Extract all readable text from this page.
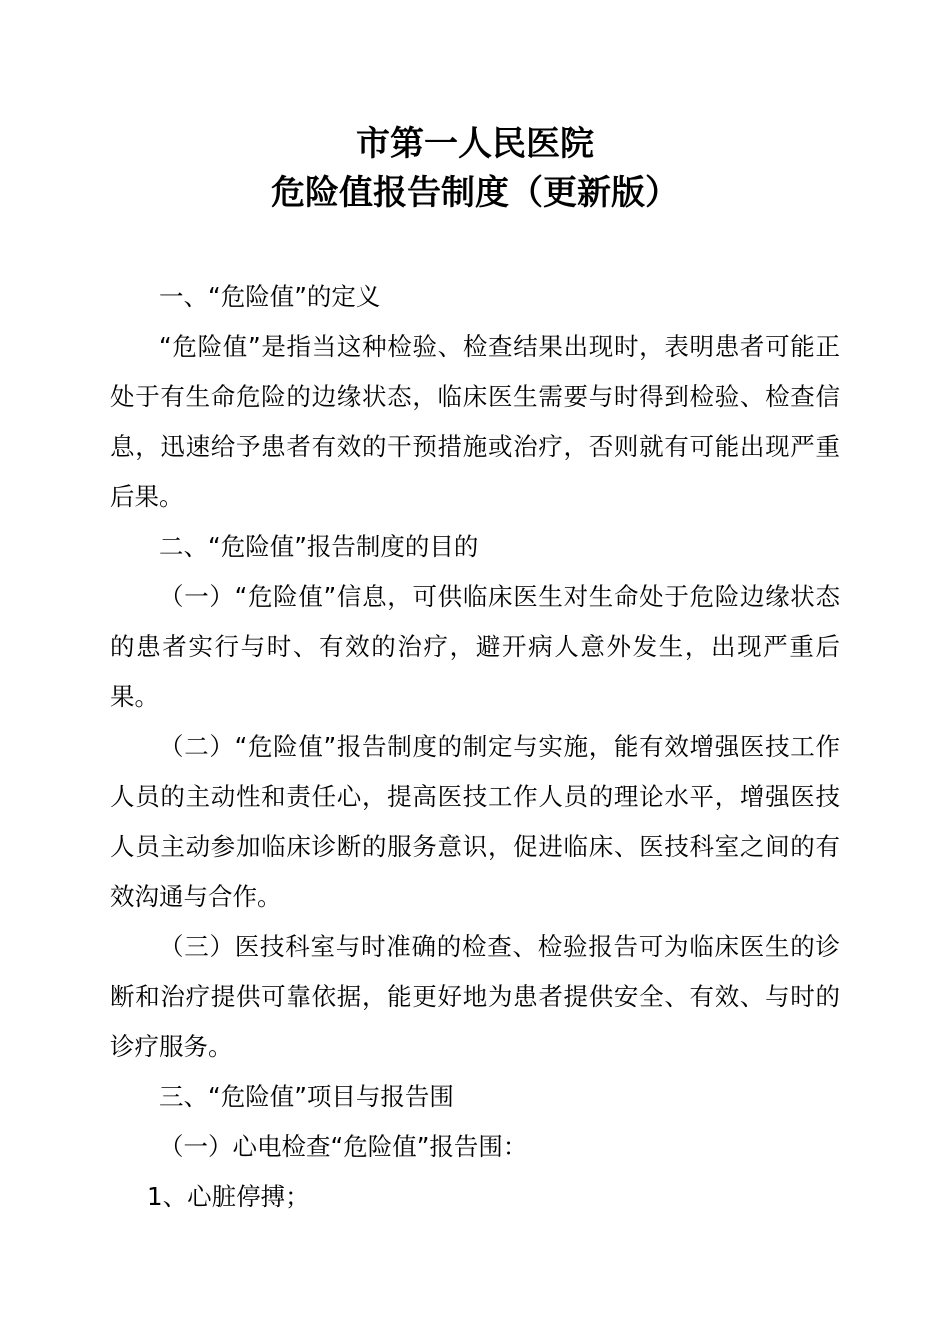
市第一人民医院
危险值报告制度（更新版）

一、“危险值”的定义

“危险值”是指当这种检验、检查结果出现时，表明患者可能正处于有生命危险的边缘状态，临床医生需要与时得到检验、检查信息，迅速给予患者有效的干预措施或治疗，否则就有可能出现严重后果。

二、“危险值”报告制度的目的

（一）“危险值”信息，可供临床医生对生命处于危险边缘状态的患者实行与时、有效的治疗，避开病人意外发生，出现严重后果。

（二）“危险值”报告制度的制定与实施，能有效增强医技工作人员的主动性和责任心，提高医技工作人员的理论水平，增强医技人员主动参加临床诊断的服务意识，促进临床、医技科室之间的有效沟通与合作。

（三）医技科室与时准确的检查、检验报告可为临床医生的诊断和治疗提供可靠依据，能更好地为患者提供安全、有效、与时的诊疗服务。

三、“危险值”项目与报告围

（一）心电检查“危险值”报告围：

1、心脏停搏；
